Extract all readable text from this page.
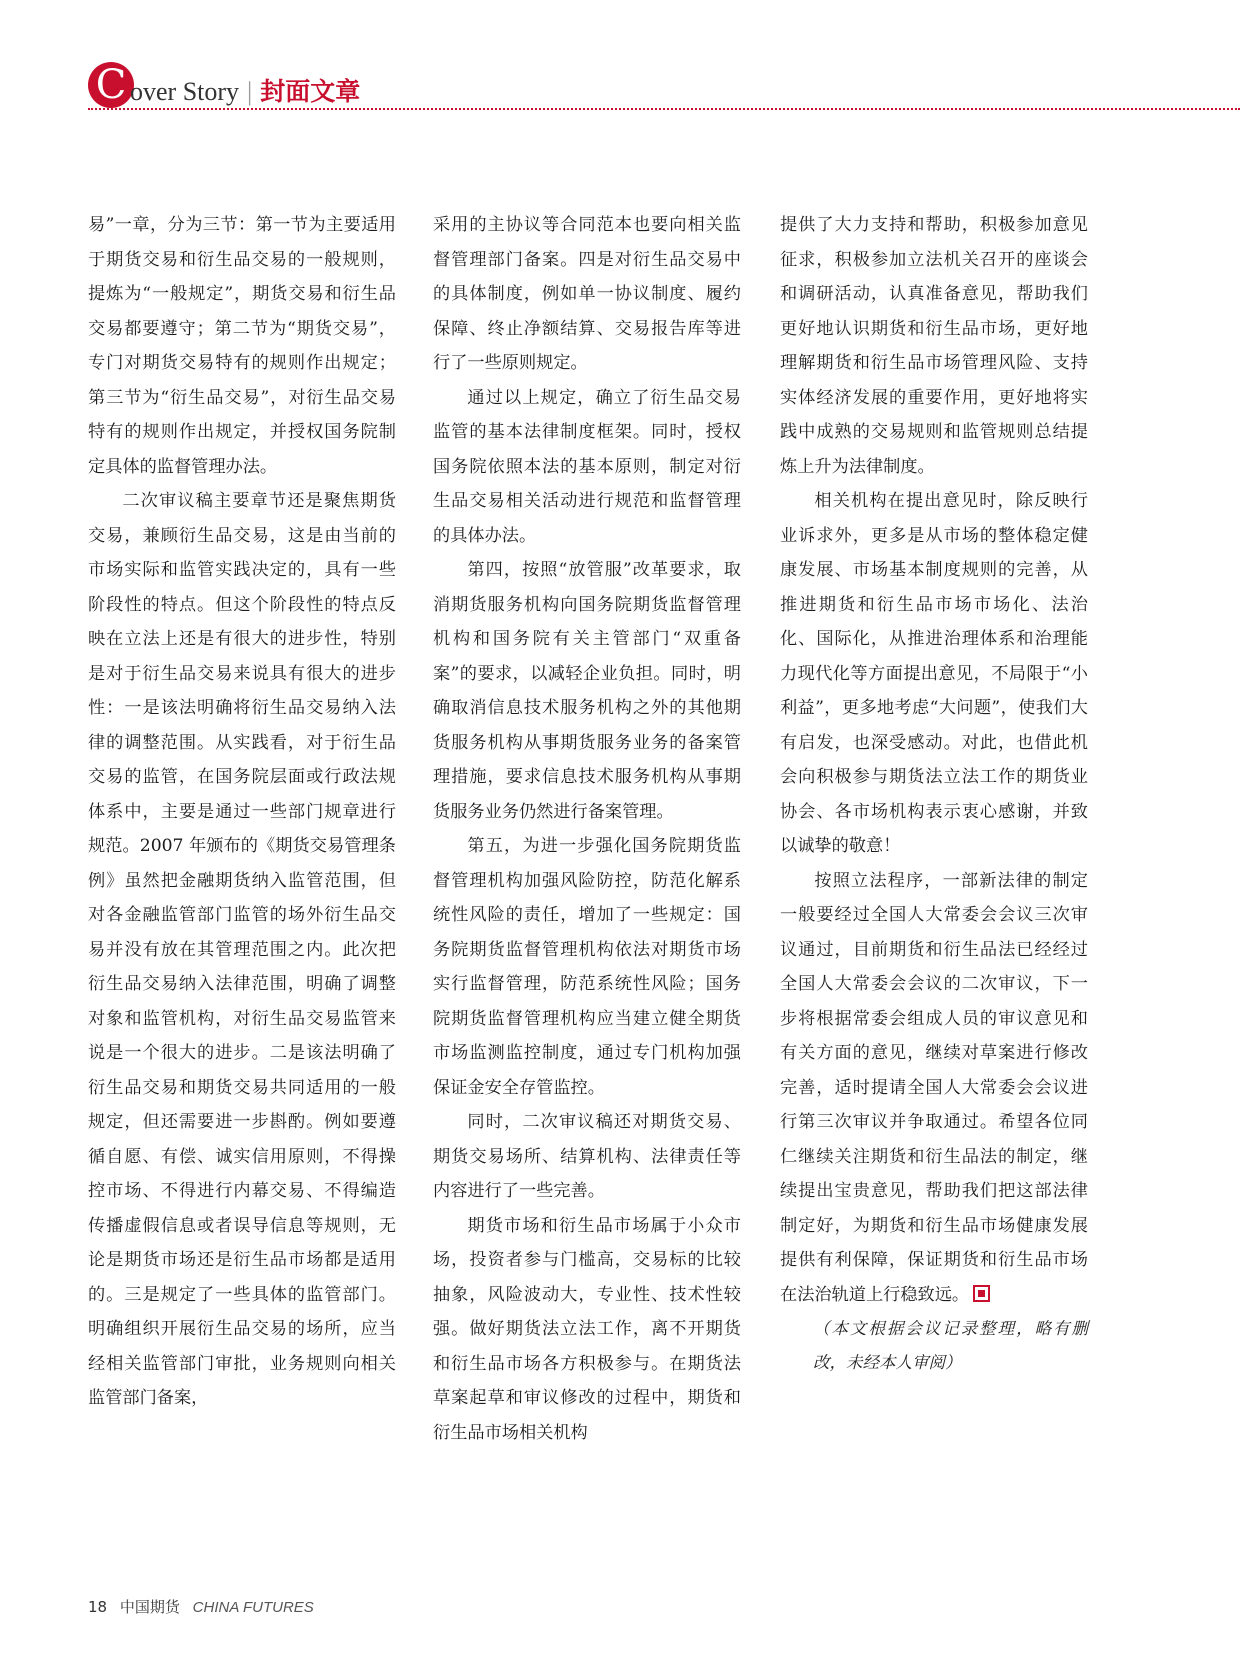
C over Story | 封面文章

易”一章，分为三节：第一节为主要适用于期货交易和衍生品交易的一般规则，提炼为“一般规定”，期货交易和衍生品交易都要遵守；第二节为“期货交易”，专门对期货交易特有的规则作出规定；第三节为“衍生品交易”，对衍生品交易特有的规则作出规定，并授权国务院制定具体的监督管理办法。

二次审议稿主要章节还是聚焦期货交易，兼顾衍生品交易，这是由当前的市场实际和监管实践决定的，具有一些阶段性的特点。但这个阶段性的特点反映在立法上还是有很大的进步性，特别是对于衍生品交易来说具有很大的进步性：一是该法明确将衍生品交易纳入法律的调整范围。从实践看，对于衍生品交易的监管，在国务院层面或行政法规体系中，主要是通过一些部门规章进行规范。2007 年颁布的《期货交易管理条例》虽然把金融期货纳入监管范围，但对各金融监管部门监管的场外衍生品交易并没有放在其管理范围之内。此次把衍生品交易纳入法律范围，明确了调整对象和监管机构，对衍生品交易监管来说是一个很大的进步。二是该法明确了衍生品交易和期货交易共同适用的一般规定，但还需要进一步斟酌。例如要遵循自愿、有偿、诚实信用原则，不得操控市场、不得进行内幕交易、不得编造传播虚假信息或者误导信息等规则，无论是期货市场还是衍生品市场都是适用的。三是规定了一些具体的监管部门。明确组织开展衍生品交易的场所，应当经相关监管部门审批，业务规则向相关监管部门备案，

采用的主协议等合同范本也要向相关监督管理部门备案。四是对衍生品交易中的具体制度，例如单一协议制度、履约保障、终止净额结算、交易报告库等进行了一些原则规定。

通过以上规定，确立了衍生品交易监管的基本法律制度框架。同时，授权国务院依照本法的基本原则，制定对衍生品交易相关活动进行规范和监督管理的具体办法。

第四，按照“放管服”改革要求，取消期货服务机构向国务院期货监督管理机构和国务院有关主管部门“双重备案”的要求，以减轻企业负担。同时，明确取消信息技术服务机构之外的其他期货服务机构从事期货服务业务的备案管理措施，要求信息技术服务机构从事期货服务业务仍然进行备案管理。

第五，为进一步强化国务院期货监督管理机构加强风险防控，防范化解系统性风险的责任，增加了一些规定：国务院期货监督管理机构依法对期货市场实行监督管理，防范系统性风险；国务院期货监督管理机构应当建立健全期货市场监测监控制度，通过专门机构加强保证金安全存管监控。

同时，二次审议稿还对期货交易、期货交易场所、结算机构、法律责任等内容进行了一些完善。

期货市场和衍生品市场属于小众市场，投资者参与门槛高，交易标的比较抽象，风险波动大，专业性、技术性较强。做好期货法立法工作，离不开期货和衍生品市场各方积极参与。在期货法草案起草和审议修改的过程中，期货和衍生品市场相关机构

提供了大力支持和帮助，积极参加意见征求，积极参加立法机关召开的座谈会和调研活动，认真准备意见，帮助我们更好地认识期货和衍生品市场，更好地理解期货和衍生品市场管理风险、支持实体经济发展的重要作用，更好地将实践中成熟的交易规则和监管规则总结提炼上升为法律制度。

相关机构在提出意见时，除反映行业诉求外，更多是从市场的整体稳定健康发展、市场基本制度规则的完善，从推进期货和衍生品市场市场化、法治化、国际化，从推进治理体系和治理能力现代化等方面提出意见，不局限于“小利益”，更多地考虑“大问题”，使我们大有启发，也深受感动。对此，也借此机会向积极参与期货法立法工作的期货业协会、各市场机构表示衷心感谢，并致以诚挚的敬意！

按照立法程序，一部新法律的制定一般要经过全国人大常委会会议三次审议通过，目前期货和衍生品法已经经过全国人大常委会会议的二次审议，下一步将根据常委会组成人员的审议意见和有关方面的意见，继续对草案进行修改完善，适时提请全国人大常委会会议进行第三次审议并争取通过。希望各位同仁继续关注期货和衍生品法的制定，继续提出宝贵意见，帮助我们把这部法律制定好，为期货和衍生品市场健康发展提供有利保障，保证期货和衍生品市场在法治轨道上行稳致远。

（本文根据会议记录整理，略有删改，未经本人审阅）

18 中国期货 CHINA FUTURES
